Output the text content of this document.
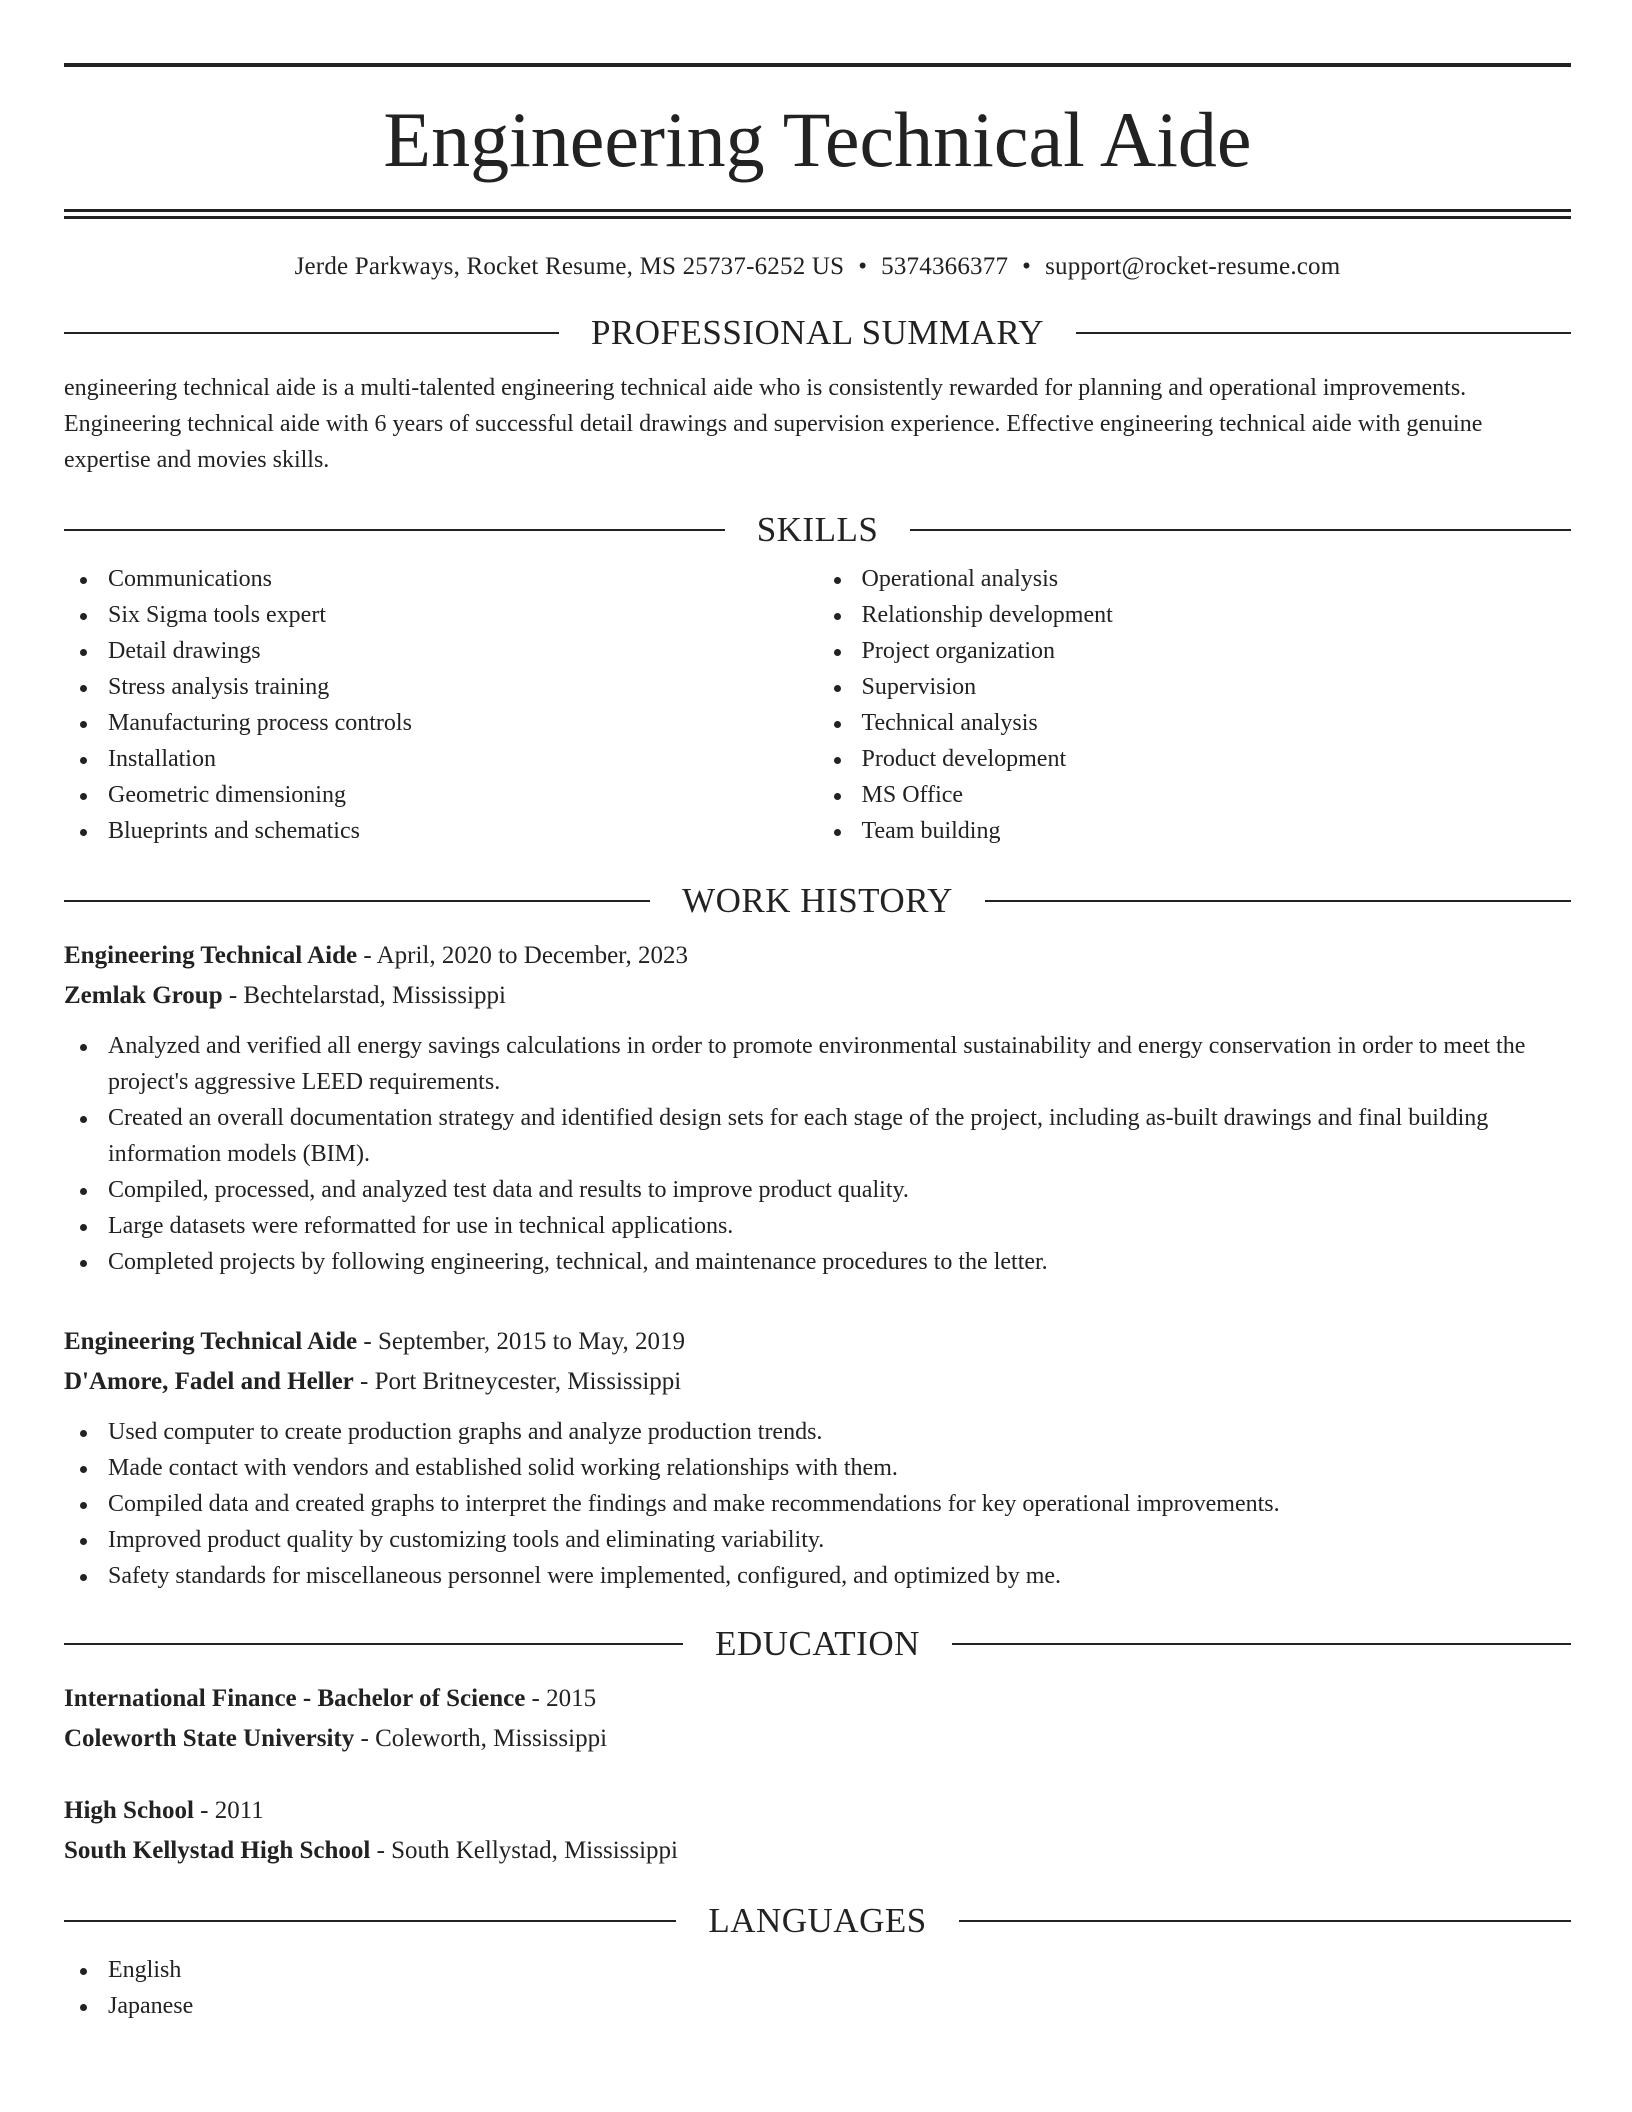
Engineering Technical Aide
Jerde Parkways, Rocket Resume, MS 25737-6252 US • 5374366377 • support@rocket-resume.com
PROFESSIONAL SUMMARY

engineering technical aide is a multi-talented engineering technical aide who is consistently rewarded for planning and operational improvements. Engineering technical aide with 6 years of successful detail drawings and supervision experience. Effective engineering technical aide with genuine expertise and movies skills.

SKILLS
Communications
Six Sigma tools expert
Detail drawings
Stress analysis training
Manufacturing process controls
Installation
Geometric dimensioning
Blueprints and schematics
Operational analysis
Relationship development
Project organization
Supervision
Technical analysis
Product development
MS Office
Team building
WORK HISTORY
Engineering Technical Aide - April, 2020 to December, 2023
Zemlak Group - Bechtelarstad, Mississippi
Analyzed and verified all energy savings calculations in order to promote environmental sustainability and energy conservation in order to meet the project's aggressive LEED requirements.
Created an overall documentation strategy and identified design sets for each stage of the project, including as-built drawings and final building information models (BIM).
Compiled, processed, and analyzed test data and results to improve product quality.
Large datasets were reformatted for use in technical applications.
Completed projects by following engineering, technical, and maintenance procedures to the letter.
Engineering Technical Aide - September, 2015 to May, 2019
D'Amore, Fadel and Heller - Port Britneycester, Mississippi
Used computer to create production graphs and analyze production trends.
Made contact with vendors and established solid working relationships with them.
Compiled data and created graphs to interpret the findings and make recommendations for key operational improvements.
Improved product quality by customizing tools and eliminating variability.
Safety standards for miscellaneous personnel were implemented, configured, and optimized by me.
EDUCATION
International Finance - Bachelor of Science - 2015
Coleworth State University - Coleworth, Mississippi
High School - 2011
South Kellystad High School - South Kellystad, Mississippi
LANGUAGES
English
Japanese
